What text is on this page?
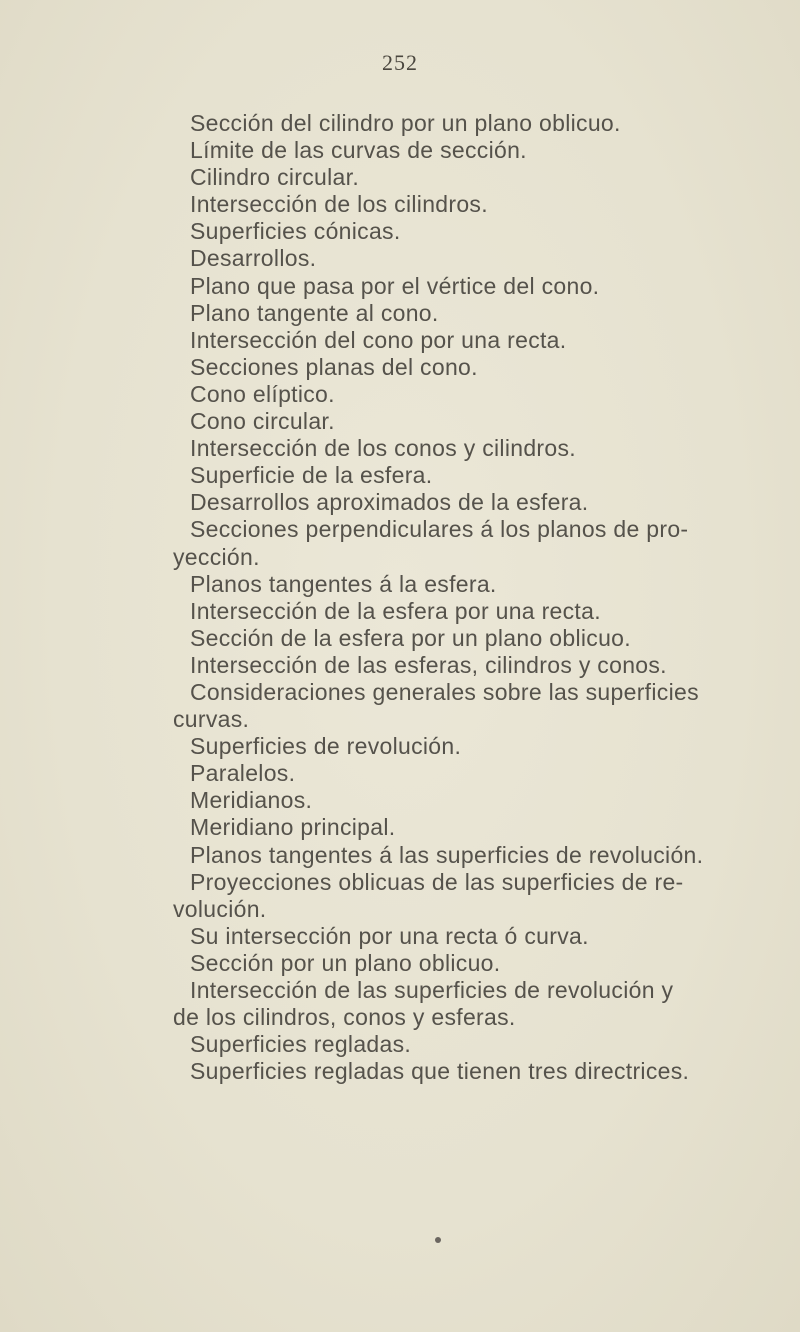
252
Sección del cilindro por un plano oblicuo.
Límite de las curvas de sección.
Cilindro circular.
Intersección de los cilindros.
Superficies cónicas.
Desarrollos.
Plano que pasa por el vértice del cono.
Plano tangente al cono.
Intersección del cono por una recta.
Secciones planas del cono.
Cono elíptico.
Cono circular.
Intersección de los conos y cilindros.
Superficie de la esfera.
Desarrollos aproximados de la esfera.
Secciones perpendiculares á los planos de pro-
yección.
Planos tangentes á la esfera.
Intersección de la esfera por una recta.
Sección de la esfera por un plano oblicuo.
Intersección de las esferas, cilindros y conos.
Consideraciones generales sobre las superficies
curvas.
Superficies de revolución.
Paralelos.
Meridianos.
Meridiano principal.
Planos tangentes á las superficies de revolución.
Proyecciones oblicuas de las superficies de re-
volución.
Su intersección por una recta ó curva.
Sección por un plano oblicuo.
Intersección de las superficies de revolución y
de los cilindros, conos y esferas.
Superficies regladas.
Superficies regladas que tienen tres directrices.
